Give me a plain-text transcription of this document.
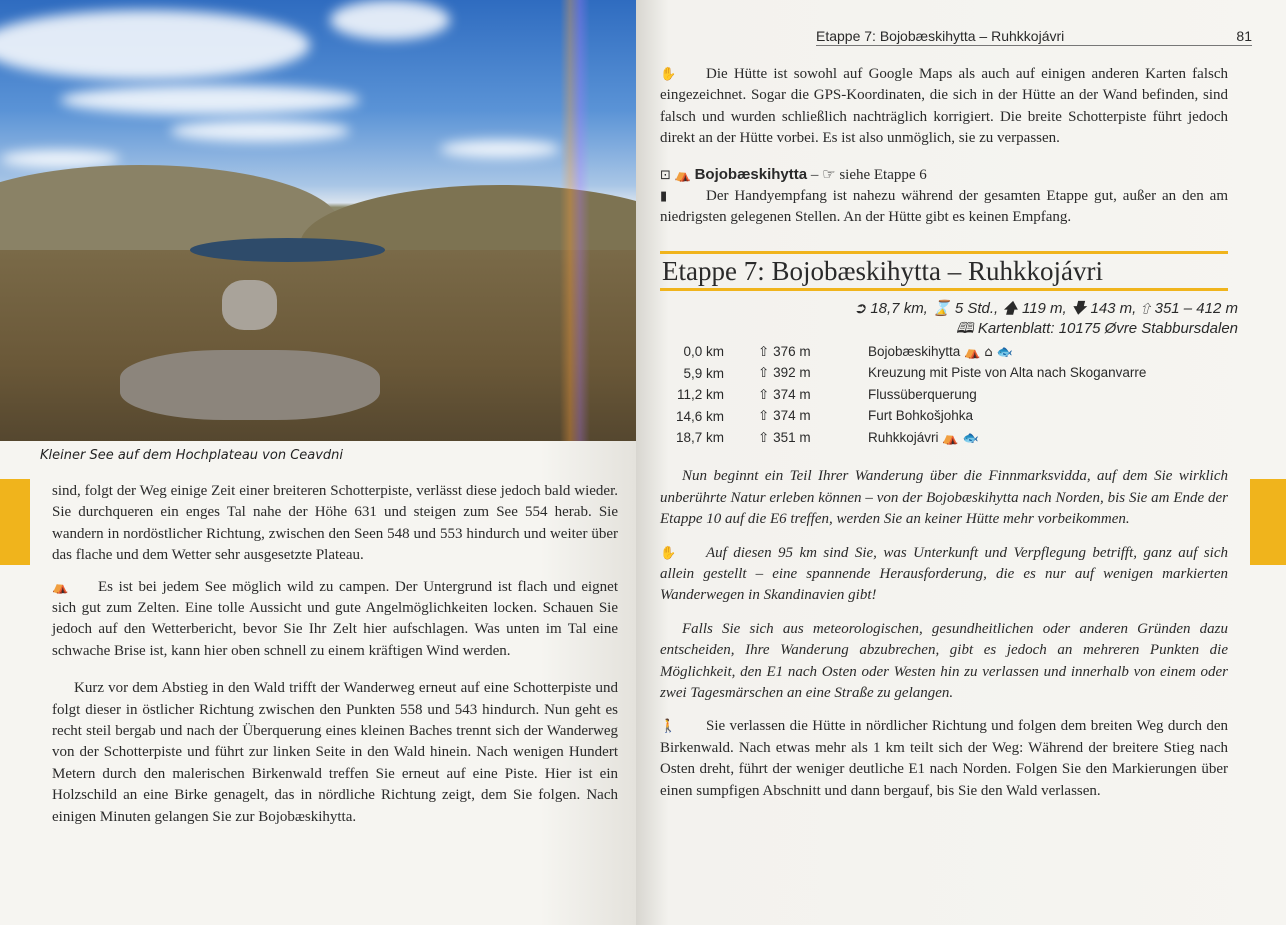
Kleiner See auf dem Hochplateau von Ceavdni

sind, folgt der Weg einige Zeit einer breiteren Schotterpiste, verlässt diese jedoch bald wieder. Sie durchqueren ein enges Tal nahe der Höhe 631 und steigen zum See 554 herab. Sie wandern in nordöstlicher Richtung, zwischen den Seen 548 und 553 hindurch und weiter über das flache und dem Wetter sehr ausgesetzte Plateau.

⛺ Es ist bei jedem See möglich wild zu campen. Der Untergrund ist flach und eignet sich gut zum Zelten. Eine tolle Aussicht und gute Angelmöglichkeiten locken. Schauen Sie jedoch auf den Wetterbericht, bevor Sie Ihr Zelt hier aufschlagen. Was unten im Tal eine schwache Brise ist, kann hier oben schnell zu einem kräftigen Wind werden.

Kurz vor dem Abstieg in den Wald trifft der Wanderweg erneut auf eine Schotterpiste und folgt dieser in östlicher Richtung zwischen den Punkten 558 und 543 hindurch. Nun geht es recht steil bergab und nach der Überquerung eines kleinen Baches trennt sich der Wanderweg von der Schotterpiste und führt zur linken Seite in den Wald hinein. Nach wenigen Hundert Metern durch den malerischen Birkenwald treffen Sie erneut auf eine Piste. Hier ist ein Holzschild an eine Birke genagelt, das in nördliche Richtung zeigt, dem Sie folgen. Nach einigen Minuten gelangen Sie zur Bojobæskihytta.

Etappe 7: Bojobæskihytta – Ruhkkojávri	81

✋ Die Hütte ist sowohl auf Google Maps als auch auf einigen anderen Karten falsch eingezeichnet. Sogar die GPS-Koordinaten, die sich in der Hütte an der Wand befinden, sind falsch und wurden schließlich nachträglich korrigiert. Die breite Schotterpiste führt jedoch direkt an der Hütte vorbei. Es ist also unmöglich, sie zu verpassen.

⊡ ⛺ Bojobæskihytta – ☞ siehe Etappe 6

▮	Der Handyempfang ist nahezu während der gesamten Etappe gut, außer an den am niedrigsten gelegenen Stellen. An der Hütte gibt es keinen Empfang.

Etappe 7: Bojobæskihytta – Ruhkkojávri
➲ 18,7 km, ⌛ 5 Std., 🡅 119 m, 🡇 143 m, ⇧ 351 – 412 m
🕮 Kartenblatt: 10175 Øvre Stabbursdalen
0,0 km	⇧ 376 m	Bojobæskihytta ⛺ ⌂ 🐟
5,9 km	⇧ 392 m	Kreuzung mit Piste von Alta nach Skoganvarre
11,2 km	⇧ 374 m	Flussüberquerung
14,6 km	⇧ 374 m	Furt Bohkošjohka
18,7 km	⇧ 351 m	Ruhkkojávri ⛺ 🐟

Nun beginnt ein Teil Ihrer Wanderung über die Finnmarksvidda, auf dem Sie wirklich unberührte Natur erleben können – von der Bojobæskihytta nach Norden, bis Sie am Ende der Etappe 10 auf die E6 treffen, werden Sie an keiner Hütte mehr vorbeikommen.

✋ Auf diesen 95 km sind Sie, was Unterkunft und Verpflegung betrifft, ganz auf sich allein gestellt – eine spannende Herausforderung, die es nur auf wenigen markierten Wanderwegen in Skandinavien gibt!

Falls Sie sich aus meteorologischen, gesundheitlichen oder anderen Gründen dazu entscheiden, Ihre Wanderung abzubrechen, gibt es jedoch an mehreren Punkten die Möglichkeit, den E1 nach Osten oder Westen hin zu verlassen und innerhalb von einem oder zwei Tagesmärschen an eine Straße zu gelangen.

🚶 Sie verlassen die Hütte in nördlicher Richtung und folgen dem breiten Weg durch den Birkenwald. Nach etwas mehr als 1 km teilt sich der Weg: Während der breitere Stieg nach Osten dreht, führt der weniger deutliche E1 nach Norden. Folgen Sie den Markierungen über einen sumpfigen Abschnitt und dann bergauf, bis Sie den Wald verlassen.
